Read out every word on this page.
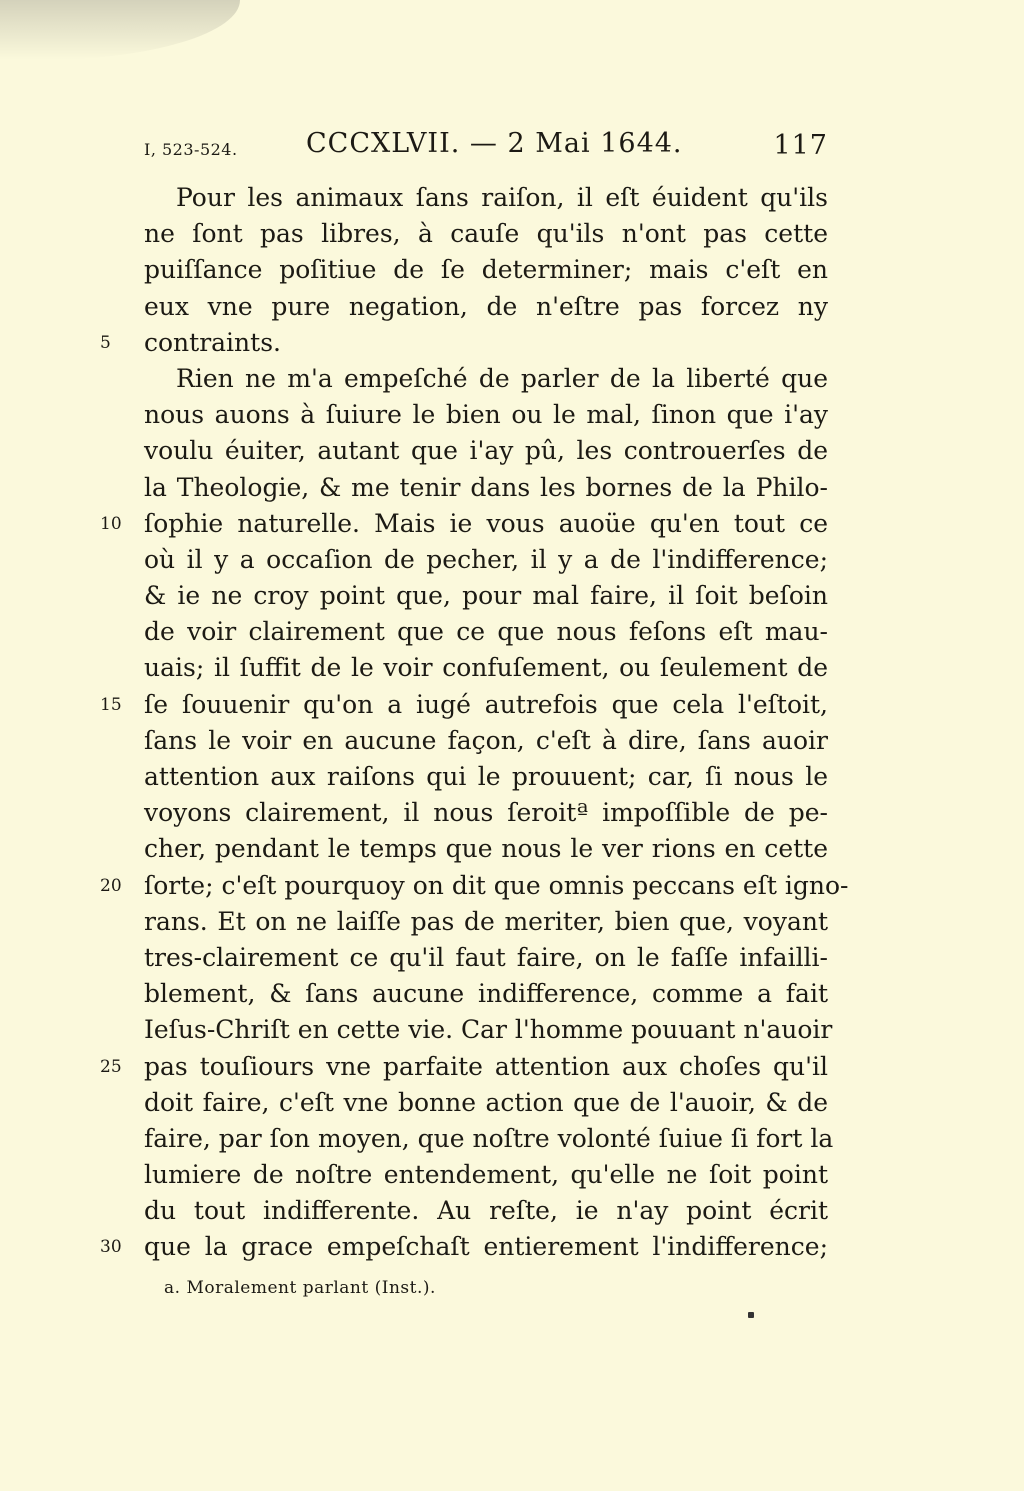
I, 523-524.	CCCXLVII. — 2 Mai 1644.	117
Pour les animaux ſans raiſon, il eſt éuident qu'ils
ne ſont pas libres, à cauſe qu'ils n'ont pas cette
puiſſance poſitiue de ſe determiner; mais c'eſt en
eux vne pure negation, de n'eſtre pas forcez ny
contraints.
5
Rien ne m'a empeſché de parler de la liberté que
nous auons à ſuiure le bien ou le mal, ſinon que i'ay
voulu éuiter, autant que i'ay pû, les controuerſes de
la Theologie, & me tenir dans les bornes de la Philo-
ſophie naturelle. Mais ie vous auoüe qu'en tout ce
10
où il y a occaſion de pecher, il y a de l'indifference;
& ie ne croy point que, pour mal faire, il ſoit beſoin
de voir clairement que ce que nous feſons eſt mau-
uais; il ſuffit de le voir confuſement, ou ſeulement de
ſe ſouuenir qu'on a iugé autrefois que cela l'eſtoit,
15
ſans le voir en aucune façon, c'eſt à dire, ſans auoir
attention aux raiſons qui le prouuent; car, ſi nous le
voyons clairement, il nous ſeroitª impoſſible de pe-
cher, pendant le temps que nous le ver rions en cette
ſorte; c'eſt pourquoy on dit que omnis peccans eſt igno-
20
rans. Et on ne laiſſe pas de meriter, bien que, voyant
tres-clairement ce qu'il faut faire, on le faſſe infailli-
blement, & ſans aucune indifference, comme a fait
Ieſus-Chriſt en cette vie. Car l'homme pouuant n'auoir
pas touſiours vne parfaite attention aux choſes qu'il
25
doit faire, c'eſt vne bonne action que de l'auoir, & de
faire, par ſon moyen, que noſtre volonté ſuiue ſi fort la
lumiere de noſtre entendement, qu'elle ne ſoit point
du tout indifferente. Au reſte, ie n'ay point écrit
que la grace empeſchaſt entierement l'indifference;
30
a. Moralement parlant (Inst.).
